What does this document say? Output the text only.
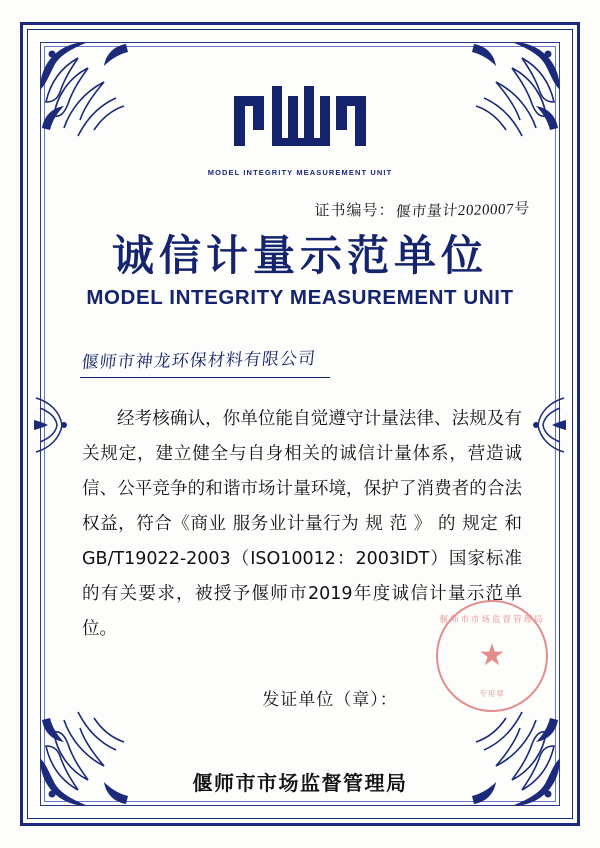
MODEL INTEGRITY MEASUREMENT UNIT
证书编号：偃市量计2020007号
诚信计量示范单位
MODEL INTEGRITY MEASUREMENT UNIT
偃师市神龙环保材料有限公司

经考核确认，你单位能自觉遵守计量法律、法规及有关规定，建立健全与自身相关的诚信计量体系，营造诚信、公平竞争的和谐市场计量环境，保护了消费者的合法权益，符合《商业 服务业计量行为 规 范 》 的 规定 和 GB/T19022-2003（ISO10012：2003IDT）国家标准的有关要求，被授予偃师市2019年度诚信计量示范单位。

发证单位（章）：
偃师市市场监督管理局
★
专用章
偃师市市场监督管理局
